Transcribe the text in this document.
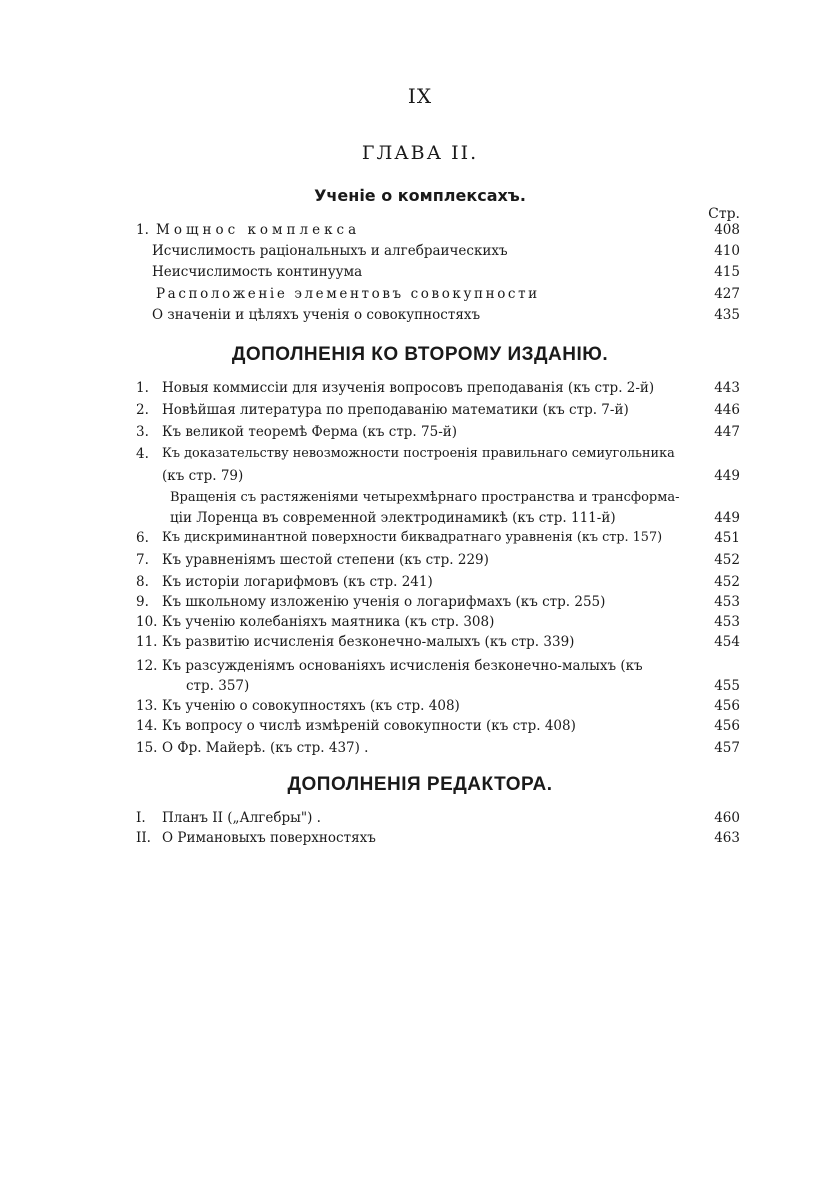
IX
ГЛАВА II.
Ученіе о комплексахъ.
Стр.
1. Мощнос комплекса	408
Исчислимость раціональныхъ и алгебраическихъ	410
Неисчислимость континуума	415
Расположеніе элементовъ совокупности	427
О значеніи и цѣляхъ ученія о совокупностяхъ	435
ДОПОЛНЕНІЯ КО ВТОРОМУ ИЗДАНІЮ.
1. Новыя коммиссіи для изученія вопросовъ преподаванія (къ стр. 2-й)	443
2. Новѣйшая литература по преподаванію математики (къ стр. 7-й)	446
3. Къ великой теоремѣ Ферма (къ стр. 75-й)	447
4. Къ доказательству невозможности построенія правильнаго семиугольника
(къ стр. 79)	449
Вращенія съ растяженіями четырехмѣрнаго пространства и трансформа-
ціи Лоренца въ современной электродинамикѣ (къ стр. 111-й)	449
6. Къ дискриминантной поверхности биквадратнаго уравненія (къ стр. 157)	451
7. Къ уравненіямъ шестой степени (къ стр. 229)	452
8. Къ исторіи логарифмовъ (къ стр. 241)	452
9. Къ школьному изложенію ученія о логарифмахъ (къ стр. 255)	453
10. Къ ученію колебаніяхъ маятника (къ стр. 308)	453
11. Къ развитію исчисленія безконечно-малыхъ (къ стр. 339)	454
12. Къ разсужденіямъ основаніяхъ исчисленія безконечно-малыхъ (къ
стр. 357)	455
13. Къ ученію о совокупностяхъ (къ стр. 408)	456
14. Къ вопросу о числѣ измѣреній совокупности (къ стр. 408)	456
15. О Фр. Майерѣ. (къ стр. 437) .	457
ДОПОЛНЕНІЯ РЕДАКТОРА.
I. Планъ II („Алгебры") .	460
II. О Римановыхъ поверхностяхъ	463
